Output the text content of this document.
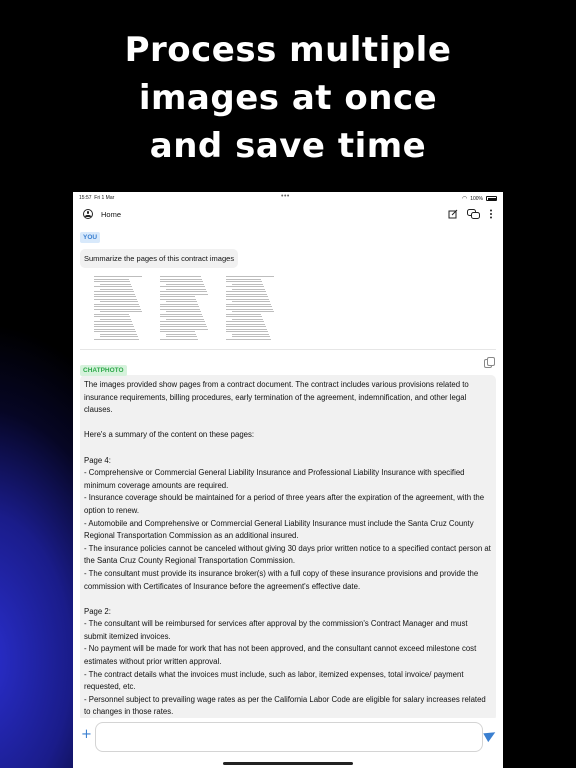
Process multiple
images at once
and save time
15:57 Fri 1 Mar	•••	◠ 100%
Home
YOU
Summarize the pages of this contract images
CHATPHOTO

The images provided show pages from a contract document. The contract includes various provisions related to insurance requirements, billing procedures, early termination of the agreement, indemnification, and other legal clauses.

Here's a summary of the content on these pages:

Page 4:

- Comprehensive or Commercial General Liability Insurance and Professional Liability Insurance with specified minimum coverage amounts are required.

- Insurance coverage should be maintained for a period of three years after the expiration of the agreement, with the option to renew.

- Automobile and Comprehensive or Commercial General Liability Insurance must include the Santa Cruz County Regional Transportation Commission as an additional insured.

- The insurance policies cannot be canceled without giving 30 days prior written notice to a specified contact person at the Santa Cruz County Regional Transportation Commission.

- The consultant must provide its insurance broker(s) with a full copy of these insurance provisions and provide the commission with Certificates of Insurance before the agreement's effective date.

Page 2:

- The consultant will be reimbursed for services after approval by the commission's Contract Manager and must submit itemized invoices.

- No payment will be made for work that has not been approved, and the consultant cannot exceed milestone cost estimates without prior written approval.

- The contract details what the invoices must include, such as labor, itemized expenses, total invoice/ payment requested, etc.

- Personnel subject to prevailing wage rates as per the California Labor Code are eligible for salary increases related to changes in those rates.

+
